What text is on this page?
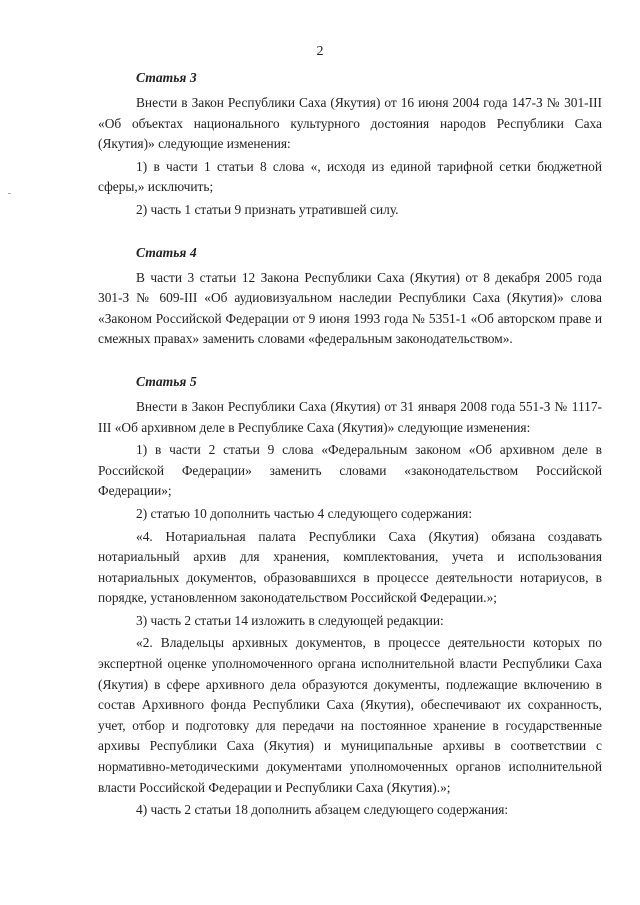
2
Статья 3

Внести в Закон Республики Саха (Якутия) от 16 июня 2004 года 147-З № 301-III «Об объектах национального культурного достояния народов Республики Саха (Якутия)» следующие изменения:

1) в части 1 статьи 8 слова «, исходя из единой тарифной сетки бюджетной сферы,» исключить;

2) часть 1 статьи 9 признать утратившей силу.

Статья 4

В части 3 статьи 12 Закона Республики Саха (Якутия) от 8 декабря 2005 года 301-З № 609-III «Об аудиовизуальном наследии Республики Саха (Якутия)» слова «Законом Российской Федерации от 9 июня 1993 года № 5351-1 «Об авторском праве и смежных правах» заменить словами «федеральным законодательством».

Статья 5

Внести в Закон Республики Саха (Якутия) от 31 января 2008 года 551-З № 1117-III «Об архивном деле в Республике Саха (Якутия)» следующие изменения:

1) в части 2 статьи 9 слова «Федеральным законом «Об архивном деле в Российской Федерации» заменить словами «законодательством Российской Федерации»;

2) статью 10 дополнить частью 4 следующего содержания:

«4. Нотариальная палата Республики Саха (Якутия) обязана создавать нотариальный архив для хранения, комплектования, учета и использования нотариальных документов, образовавшихся в процессе деятельности нотариусов, в порядке, установленном законодательством Российской Федерации.»;

3) часть 2 статьи 14 изложить в следующей редакции:

«2. Владельцы архивных документов, в процессе деятельности которых по экспертной оценке уполномоченного органа исполнительной власти Республики Саха (Якутия) в сфере архивного дела образуются документы, подлежащие включению в состав Архивного фонда Республики Саха (Якутия), обеспечивают их сохранность, учет, отбор и подготовку для передачи на постоянное хранение в государственные архивы Республики Саха (Якутия) и муниципальные архивы в соответствии с нормативно-методическими документами уполномоченных органов исполнительной власти Российской Федерации и Республики Саха (Якутия).»;

4) часть 2 статьи 18 дополнить абзацем следующего содержания:
